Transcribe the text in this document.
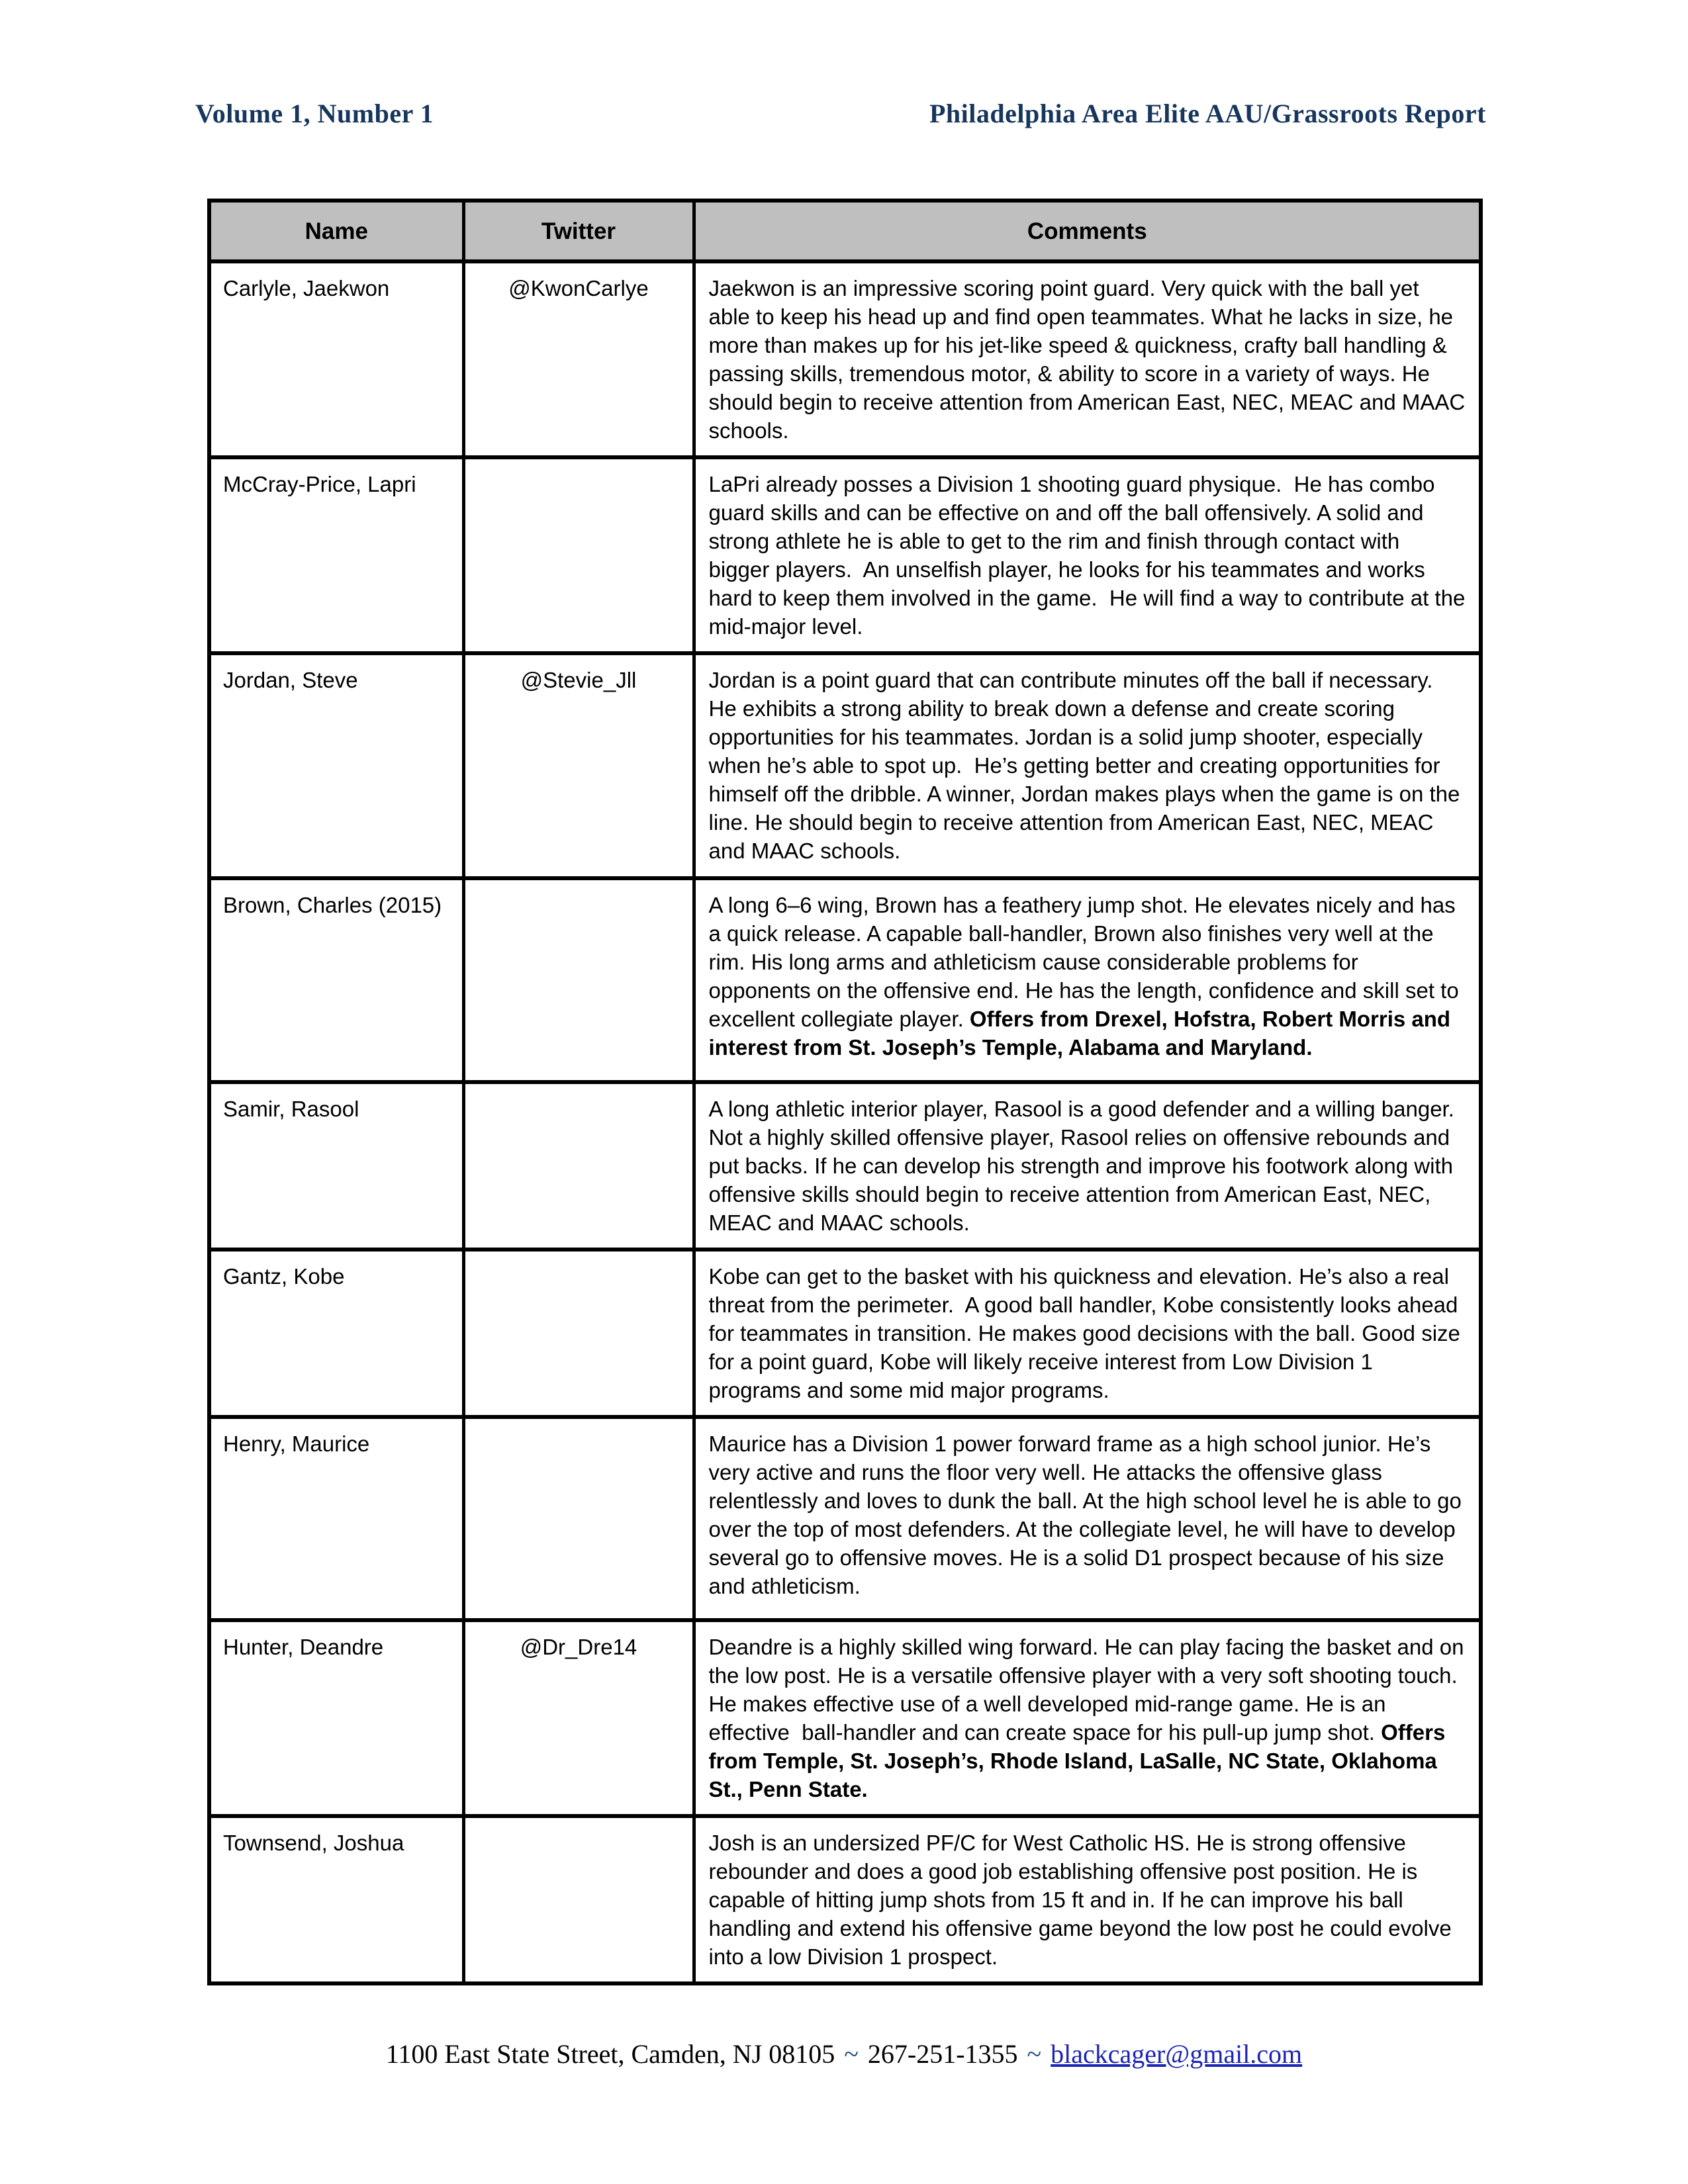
Volume 1, Number 1	Philadelphia Area Elite AAU/Grassroots Report
Name	Twitter	Comments
Carlyle, Jaekwon	@KwonCarlye	Jaekwon is an impressive scoring point guard. Very quick with the ball yet able to keep his head up and find open teammates. What he lacks in size, he more than makes up for his jet-like speed & quickness, crafty ball handling & passing skills, tremendous motor, & ability to score in a variety of ways. He should begin to receive attention from American East, NEC, MEAC and MAAC schools.
McCray-Price, Lapri		LaPri already posses a Division 1 shooting guard physique.  He has combo guard skills and can be effective on and off the ball offensively. A solid and strong athlete he is able to get to the rim and finish through contact with bigger players.  An unselfish player, he looks for his teammates and works hard to keep them involved in the game.  He will find a way to contribute at the mid-major level.
Jordan, Steve	@Stevie_Jll	Jordan is a point guard that can contribute minutes off the ball if necessary. He exhibits a strong ability to break down a defense and create scoring opportunities for his teammates. Jordan is a solid jump shooter, especially when he’s able to spot up.  He’s getting better and creating opportunities for himself off the dribble. A winner, Jordan makes plays when the game is on the line. He should begin to receive attention from American East, NEC, MEAC and MAAC schools.
Brown, Charles (2015)		A long 6–6 wing, Brown has a feathery jump shot. He elevates nicely and has a quick release. A capable ball-handler, Brown also finishes very well at the rim. His long arms and athleticism cause considerable problems for opponents on the offensive end. He has the length, confidence and skill set to excellent collegiate player. Offers from Drexel, Hofstra, Robert Morris and interest from St. Joseph’s Temple, Alabama and Maryland.
Samir, Rasool		A long athletic interior player, Rasool is a good defender and a willing banger. Not a highly skilled offensive player, Rasool relies on offensive rebounds and put backs. If he can develop his strength and improve his footwork along with offensive skills should begin to receive attention from American East, NEC, MEAC and MAAC schools.
Gantz, Kobe		Kobe can get to the basket with his quickness and elevation. He’s also a real threat from the perimeter.  A good ball handler, Kobe consistently looks ahead for teammates in transition. He makes good decisions with the ball. Good size for a point guard, Kobe will likely receive interest from Low Division 1 programs and some mid major programs.
Henry, Maurice		Maurice has a Division 1 power forward frame as a high school junior. He’s very active and runs the floor very well. He attacks the offensive glass relentlessly and loves to dunk the ball. At the high school level he is able to go over the top of most defenders. At the collegiate level, he will have to develop several go to offensive moves. He is a solid D1 prospect because of his size and athleticism.
Hunter, Deandre	@Dr_Dre14	Deandre is a highly skilled wing forward. He can play facing the basket and on the low post. He is a versatile offensive player with a very soft shooting touch. He makes effective use of a well developed mid-range game. He is an effective  ball-handler and can create space for his pull-up jump shot. Offers from Temple, St. Joseph’s, Rhode Island, LaSalle, NC State, Oklahoma St., Penn State.
Townsend, Joshua		Josh is an undersized PF/C for West Catholic HS. He is strong offensive rebounder and does a good job establishing offensive post position. He is capable of hitting jump shots from 15 ft and in. If he can improve his ball handling and extend his offensive game beyond the low post he could evolve into a low Division 1 prospect.
1100 East State Street, Camden, NJ 08105 ~ 267-251-1355 ~ blackcager@gmail.com
